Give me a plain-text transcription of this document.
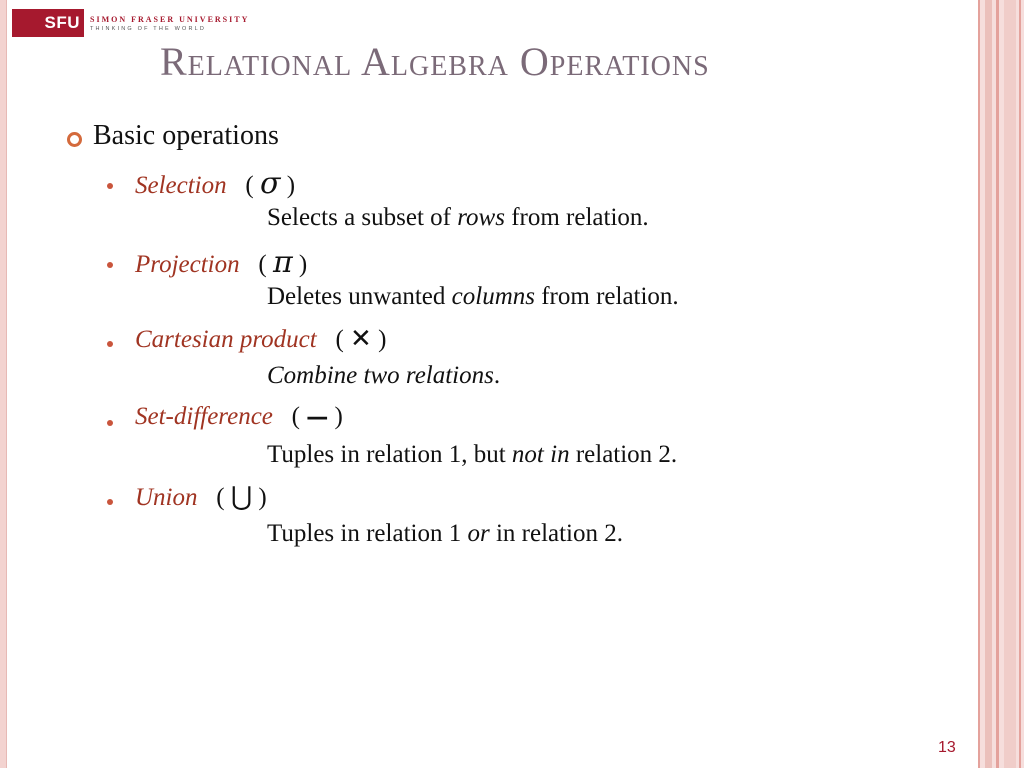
SFU	SIMON FRASER UNIVERSITY
THINKING OF THE WORLD
Relational Algebra Operations
Basic operations
Selection ( σ )
Selects a subset of rows from relation.
Projection ( π )
Deletes unwanted columns from relation.
Cartesian product ( ✕ )
Combine two relations.
Set-difference ( — )
Tuples in relation 1, but not in relation 2.
Union ( ⋃ )
Tuples in relation 1 or in relation 2.
13
